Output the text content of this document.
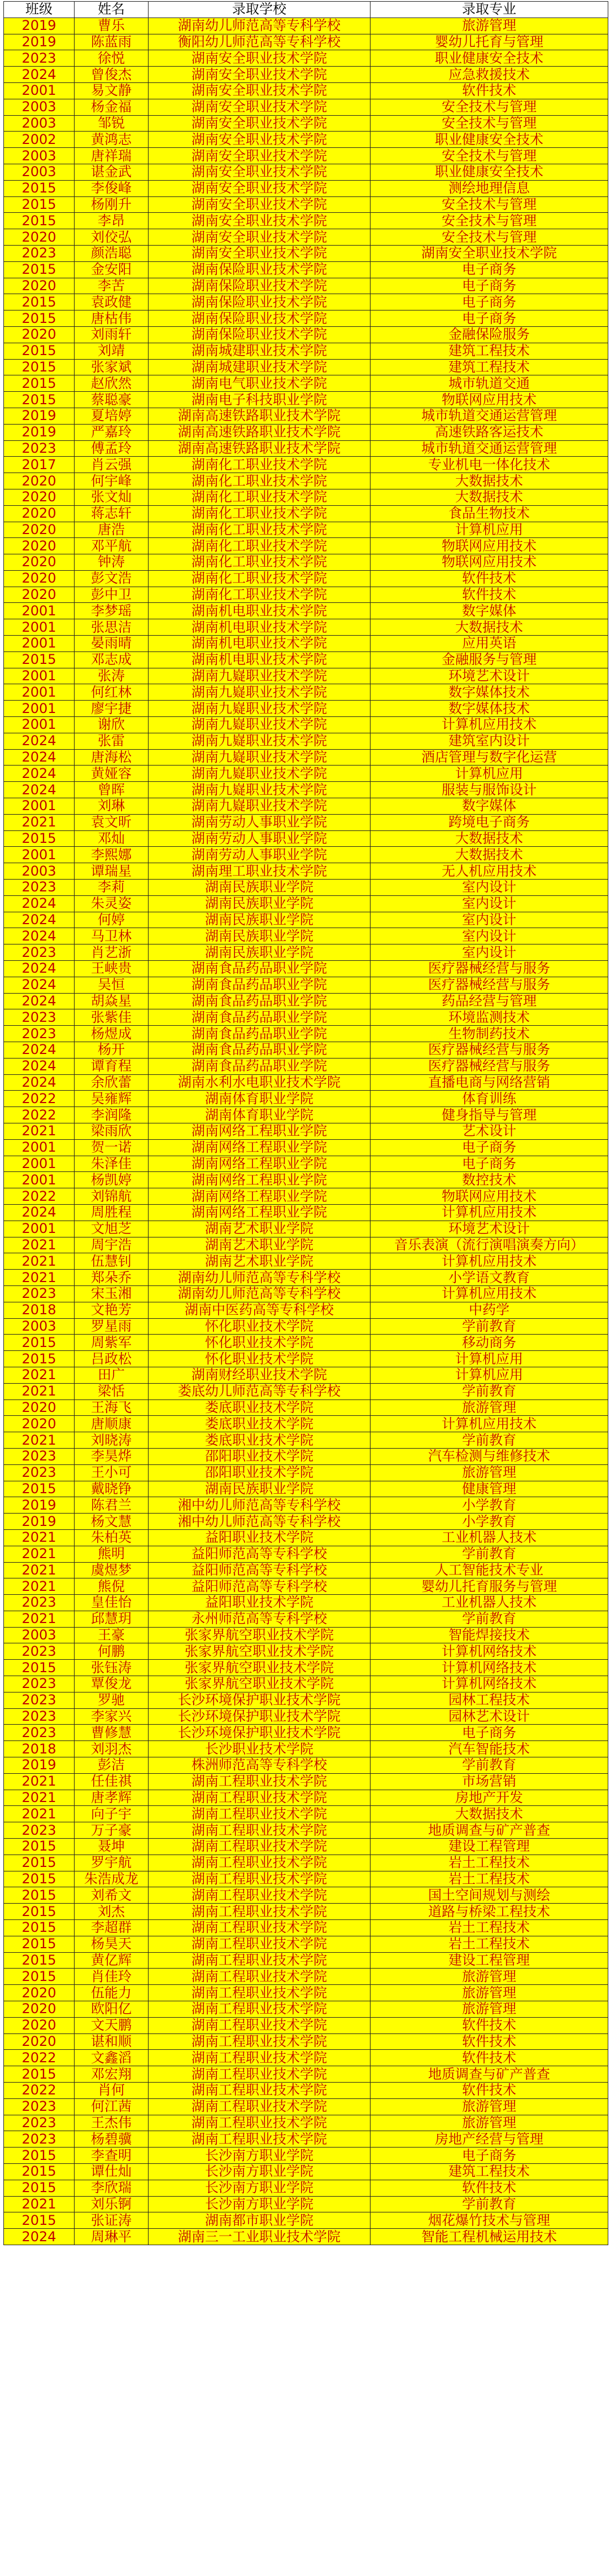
班级	姓名	录取学校	录取专业
2019	曹乐	湖南幼儿师范高等专科学校	旅游管理
2019	陈蓝雨	衡阳幼儿师范高等专科学校	婴幼儿托育与管理
2023	徐悦	湖南安全职业技术学院	职业健康安全技术
2024	曾俊杰	湖南安全职业技术学院	应急救援技术
2001	易文静	湖南安全职业技术学院	软件技术
2003	杨金福	湖南安全职业技术学院	安全技术与管理
2003	邹锐	湖南安全职业技术学院	安全技术与管理
2002	黄鸿志	湖南安全职业技术学院	职业健康安全技术
2003	唐祥瑞	湖南安全职业技术学院	安全技术与管理
2003	谌金武	湖南安全职业技术学院	职业健康安全技术
2015	李俊峰	湖南安全职业技术学院	测绘地理信息
2015	杨刚升	湖南安全职业技术学院	安全技术与管理
2015	李昂	湖南安全职业技术学院	安全技术与管理
2020	刘佼弘	湖南安全职业技术学院	安全技术与管理
2023	颜浩聪	湖南安全职业技术学院	湖南安全职业技术学院
2015	金安阳	湖南保险职业技术学院	电子商务
2020	李苦	湖南保险职业技术学院	电子商务
2015	袁政健	湖南保险职业技术学院	电子商务
2015	唐枯伟	湖南保险职业技术学院	电子商务
2020	刘雨轩	湖南保险职业技术学院	金融保险服务
2015	刘靖	湖南城建职业技术学院	建筑工程技术
2015	张家斌	湖南城建职业技术学院	建筑工程技术
2015	赵欣然	湖南电气职业技术学院	城市轨道交通
2015	蔡聪豪	湖南电子科技职业学院	物联网应用技术
2019	夏培婷	湖南高速铁路职业技术学院	城市轨道交通运营管理
2019	严嘉玲	湖南高速铁路职业技术学院	高速铁路客运技术
2023	傅孟玲	湖南高速铁路职业技术学院	城市轨道交通运营管理
2017	肖云强	湖南化工职业技术学院	专业机电一体化技术
2020	何宇峰	湖南化工职业技术学院	大数据技术
2020	张文灿	湖南化工职业技术学院	大数据技术
2020	蒋志轩	湖南化工职业技术学院	食品生物技术
2020	唐浩	湖南化工职业技术学院	计算机应用
2020	邓平航	湖南化工职业技术学院	物联网应用技术
2020	钟涛	湖南化工职业技术学院	物联网应用技术
2020	彭文浩	湖南化工职业技术学院	软件技术
2020	彭中卫	湖南化工职业技术学院	软件技术
2001	李梦瑶	湖南机电职业技术学院	数字媒体
2001	张思洁	湖南机电职业技术学院	大数据技术
2001	晏雨晴	湖南机电职业技术学院	应用英语
2015	邓志成	湖南机电职业技术学院	金融服务与管理
2001	张涛	湖南九嶷职业技术学院	环境艺术设计
2001	何红林	湖南九嶷职业技术学院	数字媒体技术
2001	廖宇捷	湖南九嶷职业技术学院	数字媒体技术
2001	谢欣	湖南九嶷职业技术学院	计算机应用技术
2024	张雷	湖南九嶷职业技术学院	建筑室内设计
2024	唐海松	湖南九嶷职业技术学院	酒店管理与数字化运营
2024	黄娅容	湖南九嶷职业技术学院	计算机应用
2024	曾晖	湖南九嶷职业技术学院	服装与服饰设计
2001	刘琳	湖南九嶷职业技术学院	数字媒体
2021	袁文昕	湖南劳动人事职业学院	跨境电子商务
2015	邓灿	湖南劳动人事职业学院	大数据技术
2001	李熙娜	湖南劳动人事职业学院	大数据技术
2003	谭瑞星	湖南理工职业技术学院	无人机应用技术
2023	李莉	湖南民族职业学院	室内设计
2024	朱灵姿	湖南民族职业学院	室内设计
2024	何婷	湖南民族职业学院	室内设计
2024	马卫林	湖南民族职业学院	室内设计
2023	肖艺浙	湖南民族职业学院	室内设计
2024	王峡贵	湖南食品药品职业学院	医疗器械经营与服务
2024	吴恒	湖南食品药品职业学院	医疗器械经营与服务
2024	胡焱星	湖南食品药品职业学院	药品经营与管理
2023	张紫佳	湖南食品药品职业学院	环境监测技术
2023	杨煜成	湖南食品药品职业学院	生物制药技术
2024	杨开	湖南食品药品职业学院	医疗器械经营与服务
2024	谭育程	湖南食品药品职业学院	医疗器械经营与服务
2024	余欣蕾	湖南水利水电职业技术学院	直播电商与网络营销
2022	吴雍辉	湖南体育职业学院	体育训练
2022	李润隆	湖南体育职业学院	健身指导与管理
2021	梁雨欣	湖南网络工程职业学院	艺术设计
2001	贺一诺	湖南网络工程职业学院	电子商务
2001	朱泽佳	湖南网络工程职业学院	电子商务
2001	杨凯婷	湖南网络工程职业学院	数控技术
2022	刘锦航	湖南网络工程职业学院	物联网应用技术
2024	周胜程	湖南网络工程职业学院	计算机应用技术
2001	文旭芝	湖南艺术职业学院	环境艺术设计
2021	周宇浩	湖南艺术职业学院	音乐表演（流行演唱演奏方向）
2021	伍慧钊	湖南艺术职业学院	计算机应用技术
2021	郑朵乔	湖南幼儿师范高等专科学校	小学语文教育
2023	宋玉湘	湖南幼儿师范高等专科学校	计算机应用技术
2018	文艳芳	湖南中医药高等专科学校	中药学
2003	罗星雨	怀化职业技术学院	学前教育
2015	周紫军	怀化职业技术学院	移动商务
2015	吕政松	怀化职业技术学院	计算机应用
2021	田广	湖南财经职业技术学院	计算机应用
2021	梁恬	娄底幼儿师范高等专科学校	学前教育
2020	王海飞	娄底职业技术学院	旅游管理
2020	唐顺康	娄底职业技术学院	计算机应用技术
2021	刘晓涛	娄底职业技术学院	学前教育
2023	李昊烨	邵阳职业技术学院	汽车检测与维修技术
2023	王小可	邵阳职业技术学院	旅游管理
2015	戴晓铮	湖南民族职业学院	健康管理
2019	陈君兰	湘中幼儿师范高等专科学校	小学教育
2019	杨文慧	湘中幼儿师范高等专科学校	小学教育
2021	朱柏英	益阳职业技术学院	工业机器人技术
2021	熊明	益阳师范高等专科学校	学前教育
2021	虞煜梦	益阳师范高等专科学校	人工智能技术专业
2021	熊倪	益阳师范高等专科学校	婴幼儿托育服务与管理
2023	皇佳怡	益阳职业技术学院	工业机器人技术
2021	邱慧玥	永州师范高等专科学校	学前教育
2003	王豪	张家界航空职业技术学院	智能焊接技术
2023	何鹏	张家界航空职业技术学院	计算机网络技术
2015	张钰涛	张家界航空职业技术学院	计算机网络技术
2023	覃俊龙	张家界航空职业技术学院	计算机网络技术
2023	罗驰	长沙环境保护职业技术学院	园林工程技术
2023	李家兴	长沙环境保护职业技术学院	园林艺术设计
2023	曹修慧	长沙环境保护职业技术学院	电子商务
2018	刘羽杰	长沙职业技术学院	汽车智能技术
2019	彭洁	株洲师范高等专科学校	学前教育
2021	任佳祺	湖南工程职业技术学院	市场营销
2021	唐孝辉	湖南工程职业技术学院	房地产开发
2021	向子宇	湖南工程职业技术学院	大数据技术
2023	万子豪	湖南工程职业技术学院	地质调查与矿产普查
2015	聂坤	湖南工程职业技术学院	建设工程管理
2015	罗宇航	湖南工程职业技术学院	岩土工程技术
2015	朱浩成龙	湖南工程职业技术学院	岩土工程技术
2015	刘希文	湖南工程职业技术学院	国土空间规划与测绘
2015	刘杰	湖南工程职业技术学院	道路与桥梁工程技术
2015	李超群	湖南工程职业技术学院	岩土工程技术
2015	杨昊天	湖南工程职业技术学院	岩土工程技术
2015	黄亿辉	湖南工程职业技术学院	建设工程管理
2015	肖佳玲	湖南工程职业技术学院	旅游管理
2020	伍能力	湖南工程职业技术学院	旅游管理
2020	欧阳亿	湖南工程职业技术学院	旅游管理
2020	文天鹏	湖南工程职业技术学院	软件技术
2020	谌和顺	湖南工程职业技术学院	软件技术
2022	文鑫滔	湖南工程职业技术学院	软件技术
2015	邓宏翔	湖南工程职业技术学院	地质调查与矿产普查
2022	肖何	湖南工程职业技术学院	软件技术
2023	何江茜	湖南工程职业技术学院	旅游管理
2023	王杰伟	湖南工程职业技术学院	旅游管理
2023	杨碧骥	湖南工程职业技术学院	房地产经营与管理
2015	李查明	长沙南方职业学院	电子商务
2015	谭仕灿	长沙南方职业学院	建筑工程技术
2015	李欣瑞	长沙南方职业学院	软件技术
2021	刘乐锕	长沙南方职业学院	学前教育
2015	张证涛	湖南都市职业学院	烟花爆竹技术与管理
2024	周琳平	湖南三一工业职业技术学院	智能工程机械运用技术
